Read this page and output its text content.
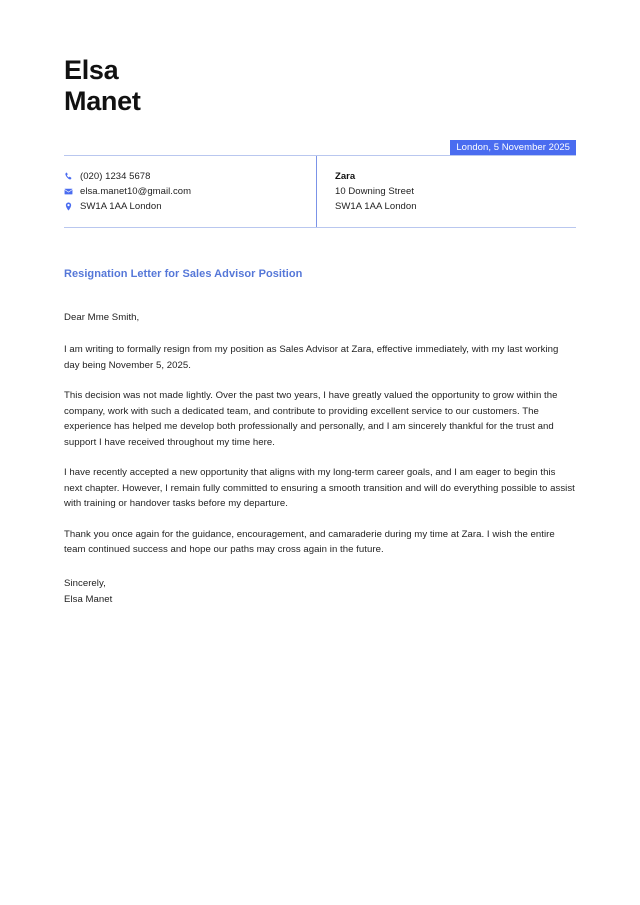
Elsa
Manet
London, 5 November 2025
(020) 1234 5678
elsa.manet10@gmail.com
SW1A 1AA London
Zara
10 Downing Street
SW1A 1AA London
Resignation Letter for Sales Advisor Position

Dear Mme Smith,

I am writing to formally resign from my position as Sales Advisor at Zara, effective immediately, with my last working day being November 5, 2025.

This decision was not made lightly. Over the past two years, I have greatly valued the opportunity to grow within the company, work with such a dedicated team, and contribute to providing excellent service to our customers. The experience has helped me develop both professionally and personally, and I am sincerely thankful for the trust and support I have received throughout my time here.

I have recently accepted a new opportunity that aligns with my long-term career goals, and I am eager to begin this next chapter. However, I remain fully committed to ensuring a smooth transition and will do everything possible to assist with training or handover tasks before my departure.

Thank you once again for the guidance, encouragement, and camaraderie during my time at Zara. I wish the entire team continued success and hope our paths may cross again in the future.

Sincerely,
Elsa Manet
